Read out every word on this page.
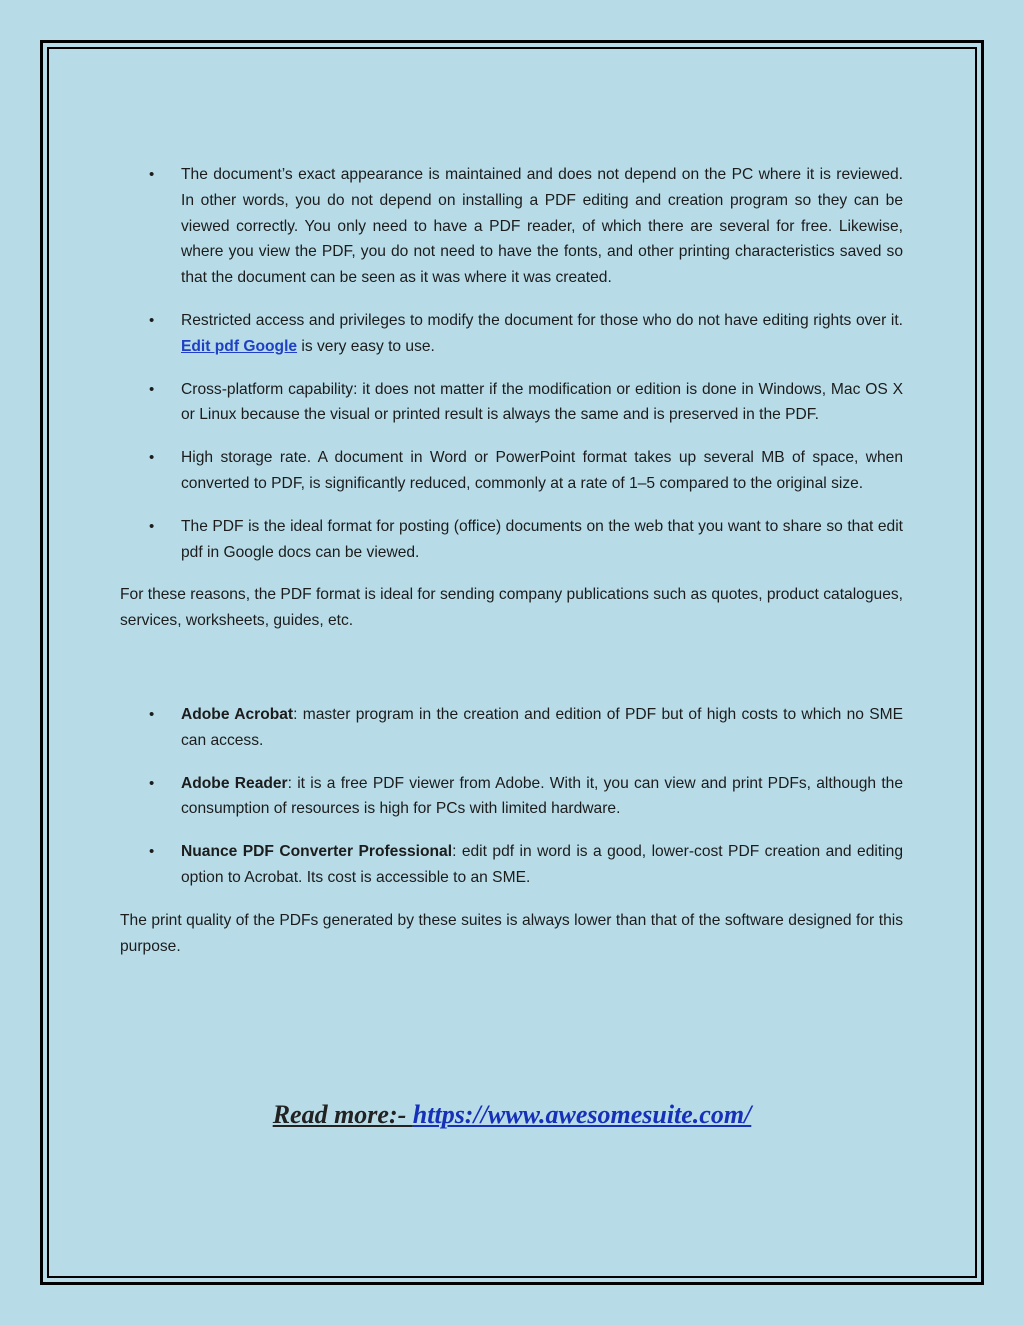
• The document’s exact appearance is maintained and does not depend on the PC where it is reviewed. In other words, you do not depend on installing a PDF editing and creation program so they can be viewed correctly. You only need to have a PDF reader, of which there are several for free. Likewise, where you view the PDF, you do not need to have the fonts, and other printing characteristics saved so that the document can be seen as it was where it was created.
• Restricted access and privileges to modify the document for those who do not have editing rights over it. Edit pdf Google is very easy to use.
• Cross-platform capability: it does not matter if the modification or edition is done in Windows, Mac OS X or Linux because the visual or printed result is always the same and is preserved in the PDF.
• High storage rate. A document in Word or PowerPoint format takes up several MB of space, when converted to PDF, is significantly reduced, commonly at a rate of 1–5 compared to the original size.
• The PDF is the ideal format for posting (office) documents on the web that you want to share so that edit pdf in Google docs can be viewed.

For these reasons, the PDF format is ideal for sending company publications such as quotes, product catalogues, services, worksheets, guides, etc.

• Adobe Acrobat: master program in the creation and edition of PDF but of high costs to which no SME can access.
• Adobe Reader: it is a free PDF viewer from Adobe. With it, you can view and print PDFs, although the consumption of resources is high for PCs with limited hardware.
• Nuance PDF Converter Professional: edit pdf in word is a good, lower-cost PDF creation and editing option to Acrobat. Its cost is accessible to an SME.

The print quality of the PDFs generated by these suites is always lower than that of the software designed for this purpose.

Read more:- https://www.awesomesuite.com/
